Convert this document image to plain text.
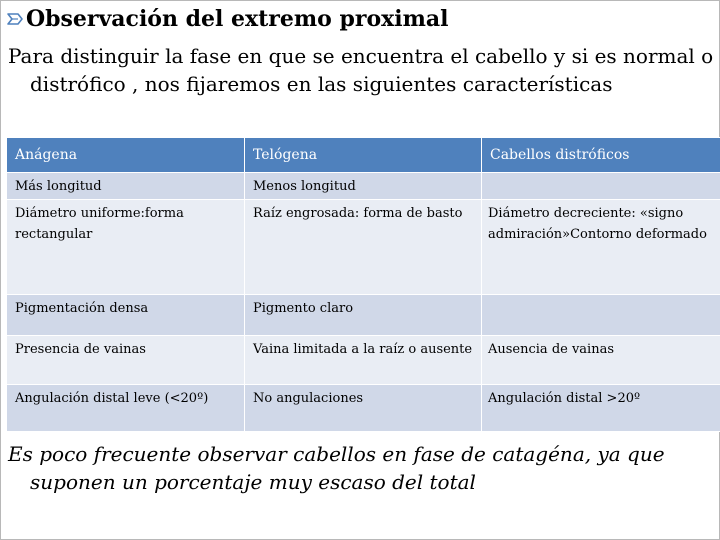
Observación del extremo proximal
Para distinguir la fase en que se encuentra el cabello y si es normal o distrófico , nos fijaremos en las siguientes características
Anágena	Telógena	Cabellos distróficos
Más longitud	Menos longitud	
Diámetro uniforme:forma rectangular	Raíz engrosada: forma de basto	Diámetro decreciente: «signo admiración»Contorno deformado
Pigmentación densa	Pigmento claro	
Presencia de vainas	Vaina limitada a la raíz o ausente	Ausencia de vainas
Angulación distal leve (<20º)	No angulaciones	Angulación distal >20º
Es poco frecuente observar cabellos en fase de catagéna, ya que suponen un porcentaje muy escaso del total
